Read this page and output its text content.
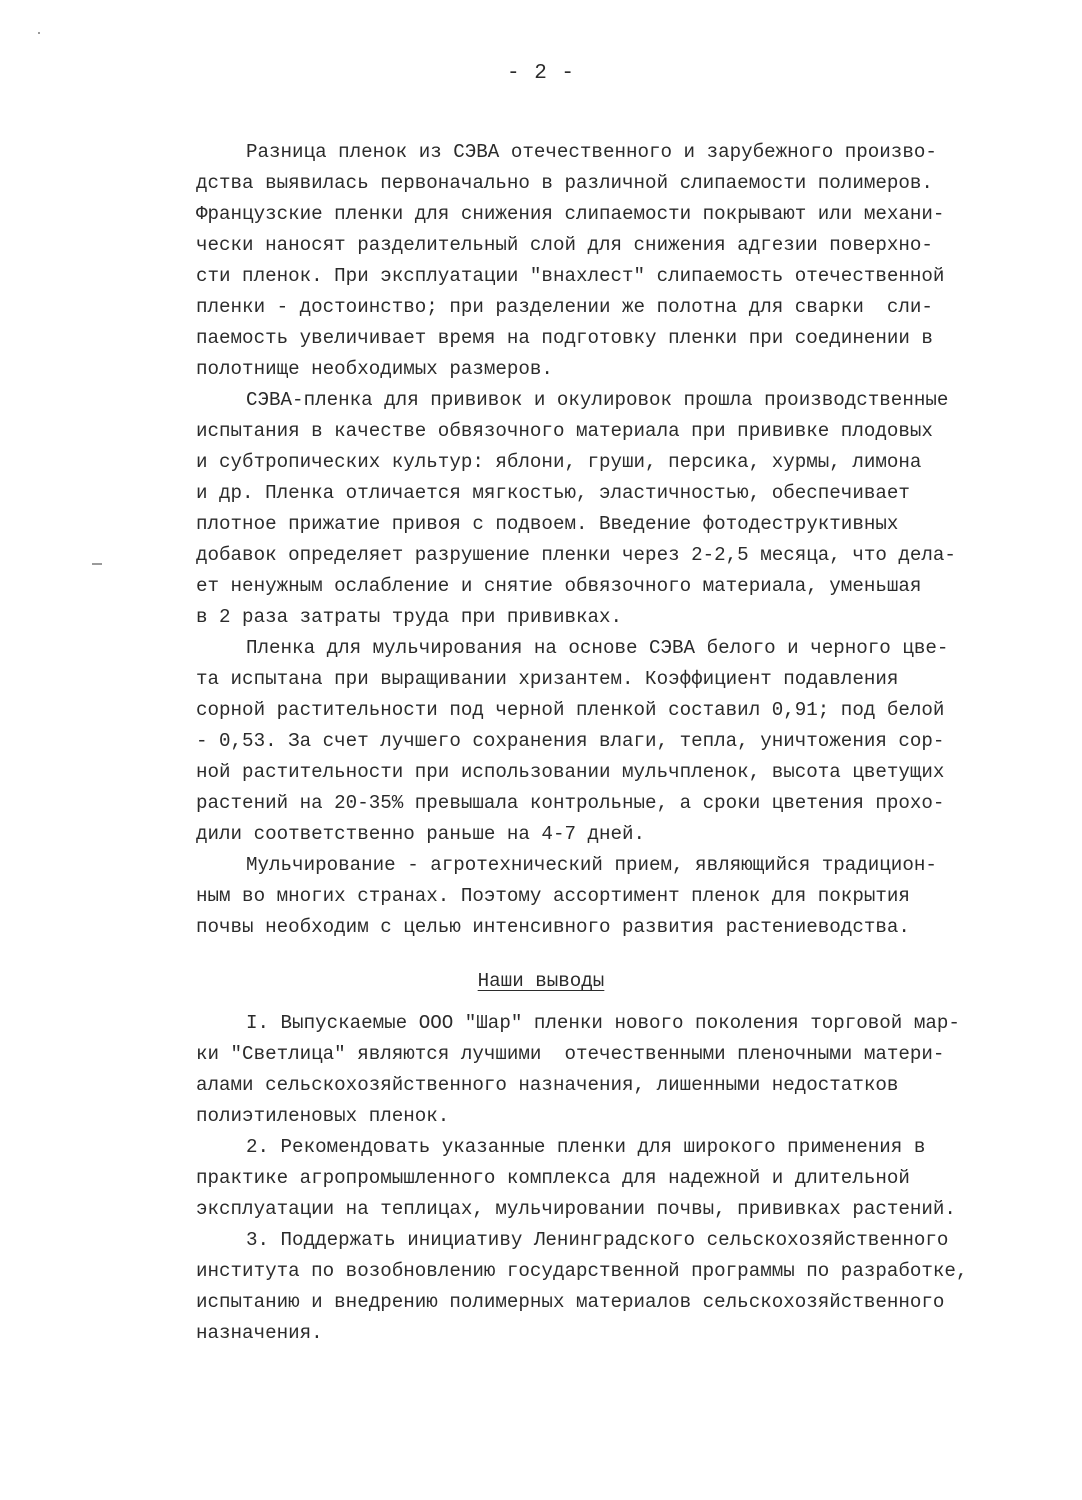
- 2 -
Разница пленок из СЭВА отечественного и зарубежного произво-
дства выявилась первоначально в различной слипаемости полимеров.
Французские пленки для снижения слипаемости покрывают или механи-
чески наносят разделительный слой для снижения адгезии поверхно-
сти пленок. При эксплуатации "внахлест" слипаемость отечественной
пленки - достоинство; при разделении же полотна для сварки  сли-
паемость увеличивает время на подготовку пленки при соединении в
полотнище необходимых размеров.
СЭВА-пленка для прививок и окулировок прошла производственные
испытания в качестве обвязочного материала при прививке плодовых
и субтропических культур: яблони, груши, персика, хурмы, лимона
и др. Пленка отличается мягкостью, эластичностью, обеспечивает
плотное прижатие привоя с подвоем. Введение фотодеструктивных
добавок определяет разрушение пленки через 2-2,5 месяца, что дела-
ет ненужным ослабление и снятие обвязочного материала, уменьшая
в 2 раза затраты труда при прививках.
Пленка для мульчирования на основе СЭВА белого и черного цве-
та испытана при выращивании хризантем. Коэффициент подавления
сорной растительности под черной пленкой составил 0,91; под белой
- 0,53. За счет лучшего сохранения влаги, тепла, уничтожения сор-
ной растительности при использовании мульчпленок, высота цветущих
растений на 20-35% превышала контрольные, а сроки цветения прохо-
дили соответственно раньше на 4-7 дней.
Мульчирование - агротехнический прием, являющийся традицион-
ным во многих странах. Поэтому ассортимент пленок для покрытия
почвы необходим с целью интенсивного развития растениеводства.
Наши выводы
I. Выпускаемые ООО "Шар" пленки нового поколения торговой мар-
ки "Светлица" являются лучшими  отечественными пленочными матери-
алами сельскохозяйственного назначения, лишенными недостатков
полиэтиленовых пленок.
2. Рекомендовать указанные пленки для широкого применения в
практике агропромышленного комплекса для надежной и длительной
эксплуатации на теплицах, мульчировании почвы, прививках растений.
3. Поддержать инициативу Ленинградского сельскохозяйственного
института по возобновлению государственной программы по разработке,
испытанию и внедрению полимерных материалов сельскохозяйственного
назначения.
